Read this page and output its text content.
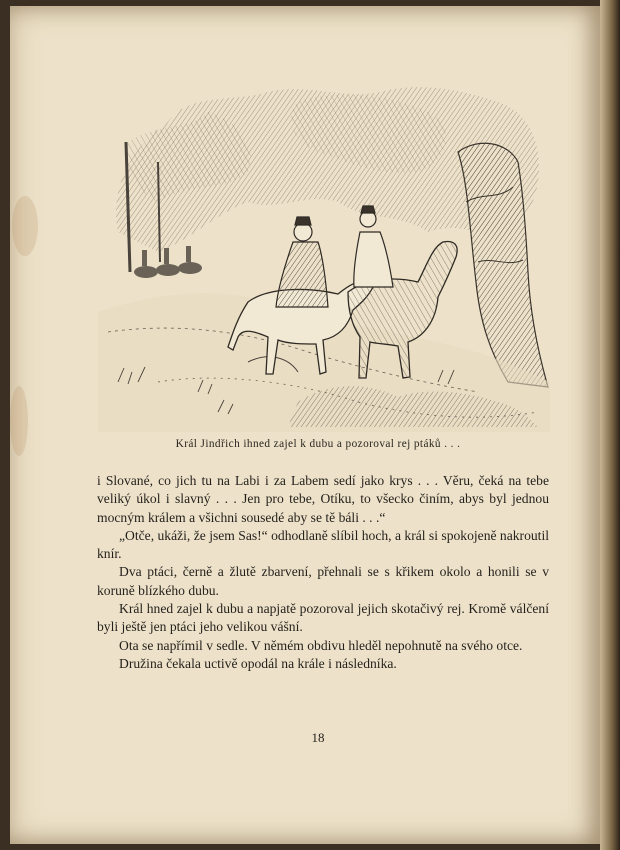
Král Jindřich ihned zajel k dubu a pozoroval rej ptáků . . .

i Slované, co jich tu na Labi i za Labem sedí jako krys . . . Věru, čeká na tebe veliký úkol i slavný . . . Jen pro tebe, Otíku, to všecko činím, abys byl jednou mocným králem a všichni sousedé aby se tě báli . . .“

„Otče, ukáži, že jsem Sas!“ odhodlaně slíbil hoch, a král si spokojeně nakroutil knír.

Dva ptáci, černě a žlutě zbarvení, přehnali se s křikem okolo a honili se v koruně blízkého dubu.

Král hned zajel k dubu a napjatě pozoroval jejich skotačivý rej. Kromě válčení byli ještě jen ptáci jeho velikou vášní.

Ota se napřímil v sedle. V němém obdivu hleděl nepohnutě na svého otce.

Družina čekala uctivě opodál na krále i následníka.

18
